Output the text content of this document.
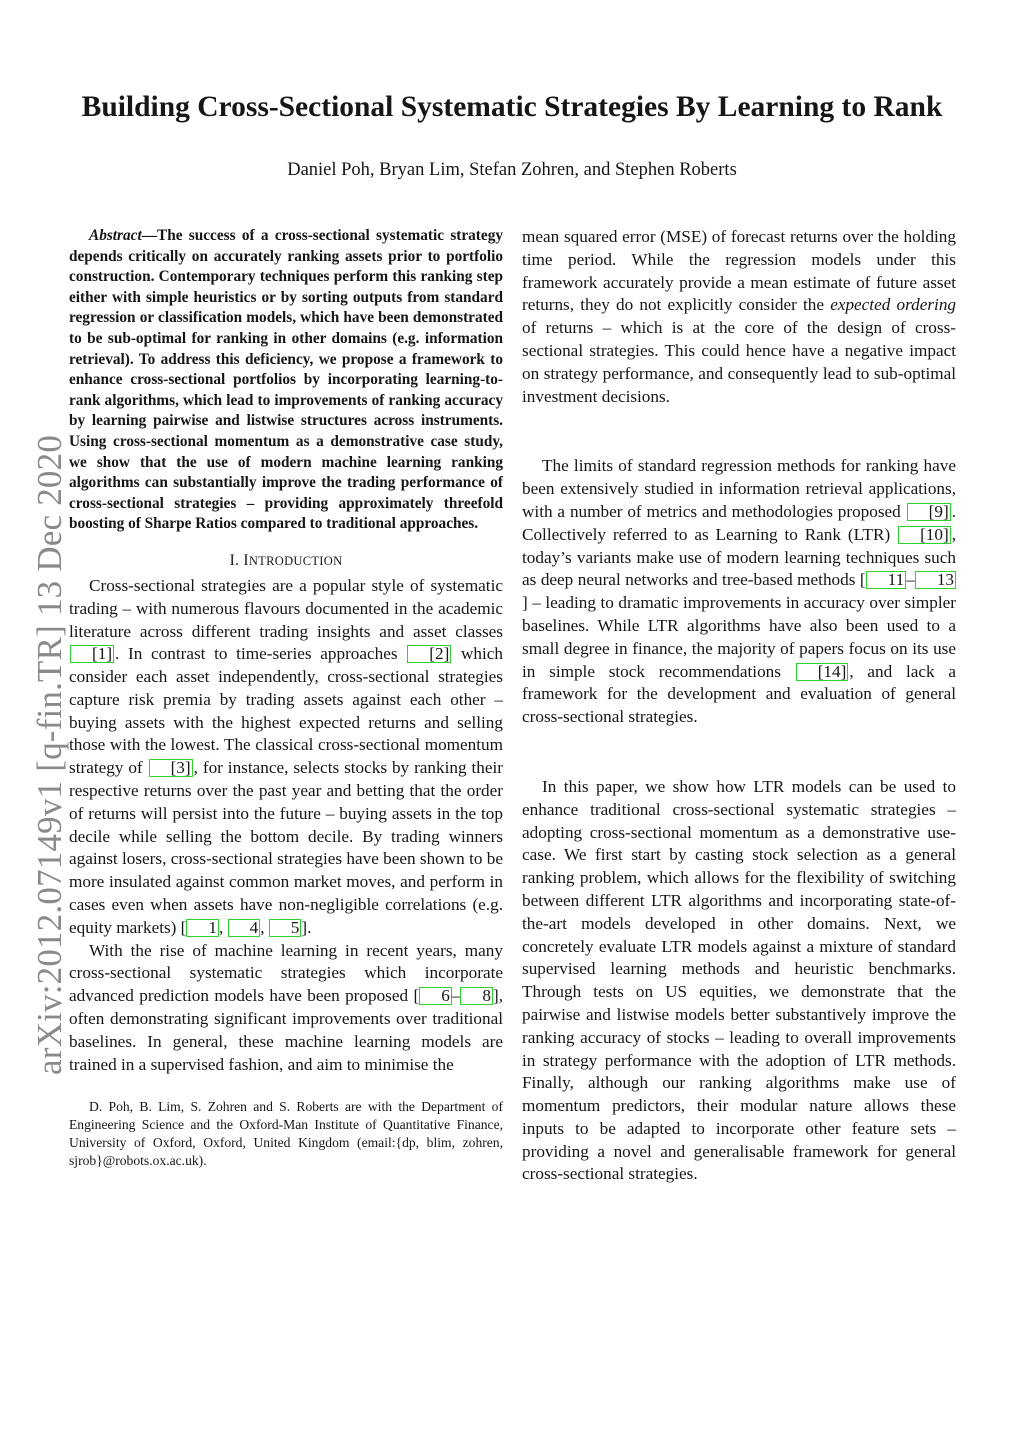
Building Cross-Sectional Systematic Strategies By Learning to Rank
Daniel Poh, Bryan Lim, Stefan Zohren, and Stephen Roberts
arXiv:2012.07149v1 [q-fin.TR] 13 Dec 2020

Abstract—The success of a cross-sectional systematic strategy depends critically on accurately ranking assets prior to portfolio construction. Contemporary techniques perform this ranking step either with simple heuristics or by sorting outputs from standard regression or classification models, which have been demonstrated to be sub-optimal for ranking in other domains (e.g. information retrieval). To address this deficiency, we propose a framework to enhance cross-sectional portfolios by incorporating learning-to-rank algorithms, which lead to improvements of ranking accuracy by learning pairwise and listwise structures across instruments. Using cross-sectional momentum as a demonstrative case study, we show that the use of modern machine learning ranking algorithms can substantially improve the trading performance of cross-sectional strategies – providing approximately threefold boosting of Sharpe Ratios compared to traditional approaches.

I. INTRODUCTION

Cross-sectional strategies are a popular style of systematic trading – with numerous flavours documented in the academic literature across different trading insights and asset classes [1] . In contrast to time-series approaches [2] which consider each asset independently, cross-sectional strategies capture risk premia by trading assets against each other – buying assets with the highest expected returns and selling those with the lowest. The classical cross-sectional momentum strategy of [3] , for instance, selects stocks by ranking their respective returns over the past year and betting that the order of returns will persist into the future – buying assets in the top decile while selling the bottom decile. By trading winners against losers, cross-sectional strategies have been shown to be more insulated against common market moves, and perform in cases even when assets have non-negligible correlations (e.g. equity markets) [ 1 , 4 , 5 ].

With the rise of machine learning in recent years, many cross-sectional systematic strategies which incorporate advanced prediction models have been proposed [ 6 – 8 ], often demonstrating significant improvements over traditional baselines. In general, these machine learning models are trained in a supervised fashion, and aim to minimise the

D. Poh, B. Lim, S. Zohren and S. Roberts are with the Department of Engineering Science and the Oxford-Man Institute of Quantitative Finance, University of Oxford, Oxford, United Kingdom (email:{dp, blim, zohren, sjrob}@robots.ox.ac.uk).

mean squared error (MSE) of forecast returns over the holding time period. While the regression models under this framework accurately provide a mean estimate of future asset returns, they do not explicitly consider the expected ordering of returns – which is at the core of the design of cross-sectional strategies. This could hence have a negative impact on strategy performance, and consequently lead to sub-optimal investment decisions.

The limits of standard regression methods for ranking have been extensively studied in information retrieval applications, with a number of metrics and methodologies proposed [9] . Collectively referred to as Learning to Rank (LTR) [10] , today’s variants make use of modern learning techniques such as deep neural networks and tree-based methods [ 11 – 13] – leading to dramatic improvements in accuracy over simpler baselines. While LTR algorithms have also been used to a small degree in finance, the majority of papers focus on its use in simple stock recommendations [14] , and lack a framework for the development and evaluation of general cross-sectional strategies.

In this paper, we show how LTR models can be used to enhance traditional cross-sectional systematic strategies – adopting cross-sectional momentum as a demonstrative use-case. We first start by casting stock selection as a general ranking problem, which allows for the flexibility of switching between different LTR algorithms and incorporating state-of-the-art models developed in other domains. Next, we concretely evaluate LTR models against a mixture of standard supervised learning methods and heuristic benchmarks. Through tests on US equities, we demonstrate that the pairwise and listwise models better substantively improve the ranking accuracy of stocks – leading to overall improvements in strategy performance with the adoption of LTR methods. Finally, although our ranking algorithms make use of momentum predictors, their modular nature allows these inputs to be adapted to incorporate other feature sets – providing a novel and generalisable framework for general cross-sectional strategies.
